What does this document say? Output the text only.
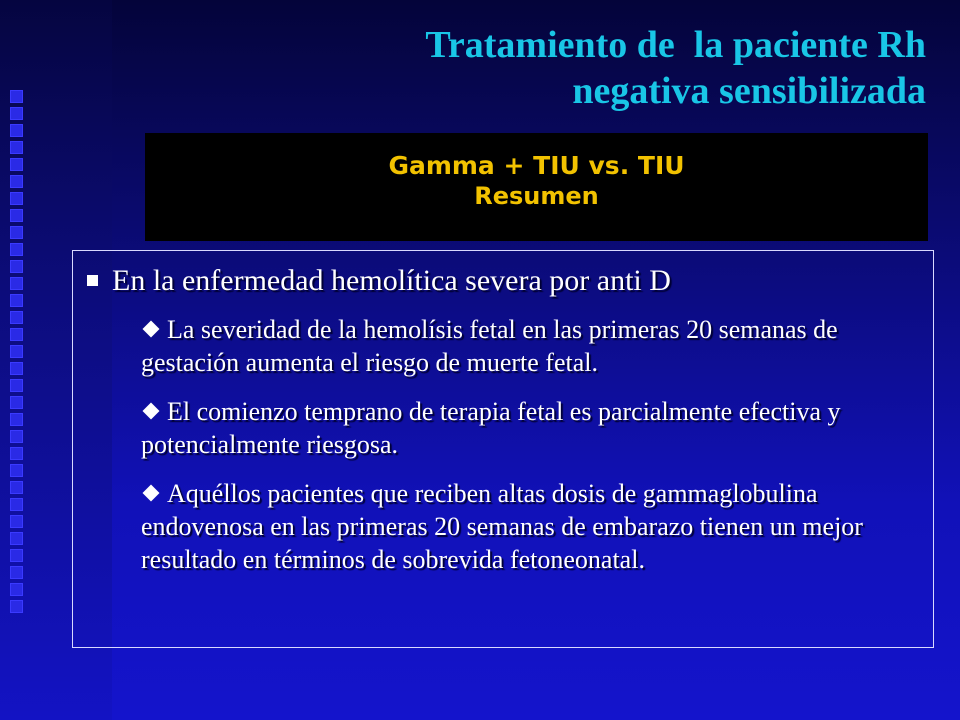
Tratamiento de  la paciente Rh
negativa sensibilizada
Gamma + TIU vs. TIU
Resumen
En la enfermedad hemolítica severa por anti D
La severidad de la hemolísis fetal en las primeras 20 semanas de gestación aumenta el riesgo de muerte fetal.
El comienzo temprano de terapia fetal es parcialmente efectiva y potencialmente riesgosa.
Aquéllos pacientes que reciben altas dosis de gammaglobulina endovenosa en las primeras 20 semanas de embarazo tienen un mejor resultado en términos de sobrevida fetoneonatal.
